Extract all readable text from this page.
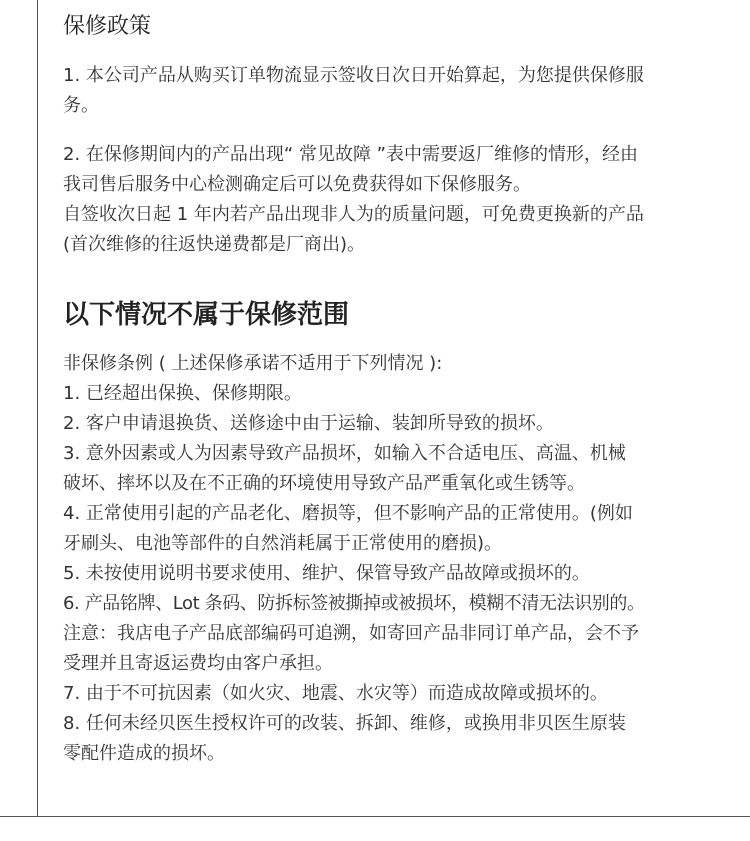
保修政策

1. 本公司产品从购买订单物流显示签收日次日开始算起，为您提供保修服
务。

2. 在保修期间内的产品出现“ 常见故障 ”表中需要返厂维修的情形，经由
我司售后服务中心检测确定后可以免费获得如下保修服务。
自签收次日起 1 年内若产品出现非人为的质量问题，可免费更换新的产品
(首次维修的往返快递费都是厂商出)。

以下情况不属于保修范围
非保修条例 ( 上述保修承诺不适用于下列情况 ):
1. 已经超出保换、保修期限。
2. 客户申请退换货、送修途中由于运输、装卸所导致的损坏。
3. 意外因素或人为因素导致产品损坏，如输入不合适电压、高温、机械
破坏、摔坏以及在不正确的环境使用导致产品严重氧化或生锈等。
4. 正常使用引起的产品老化、磨损等，但不影响产品的正常使用。(例如
牙刷头、电池等部件的自然消耗属于正常使用的磨损)。
5. 未按使用说明书要求使用、维护、保管导致产品故障或损坏的。
6. 产品铭牌、Lot 条码、防拆标签被撕掉或被损坏，模糊不清无法识别的。
注意：我店电子产品底部编码可追溯，如寄回产品非同订单产品，会不予
受理并且寄返运费均由客户承担。
7. 由于不可抗因素（如火灾、地震、水灾等）而造成故障或损坏的。
8. 任何未经贝医生授权许可的改装、拆卸、维修，或换用非贝医生原装
零配件造成的损坏。
